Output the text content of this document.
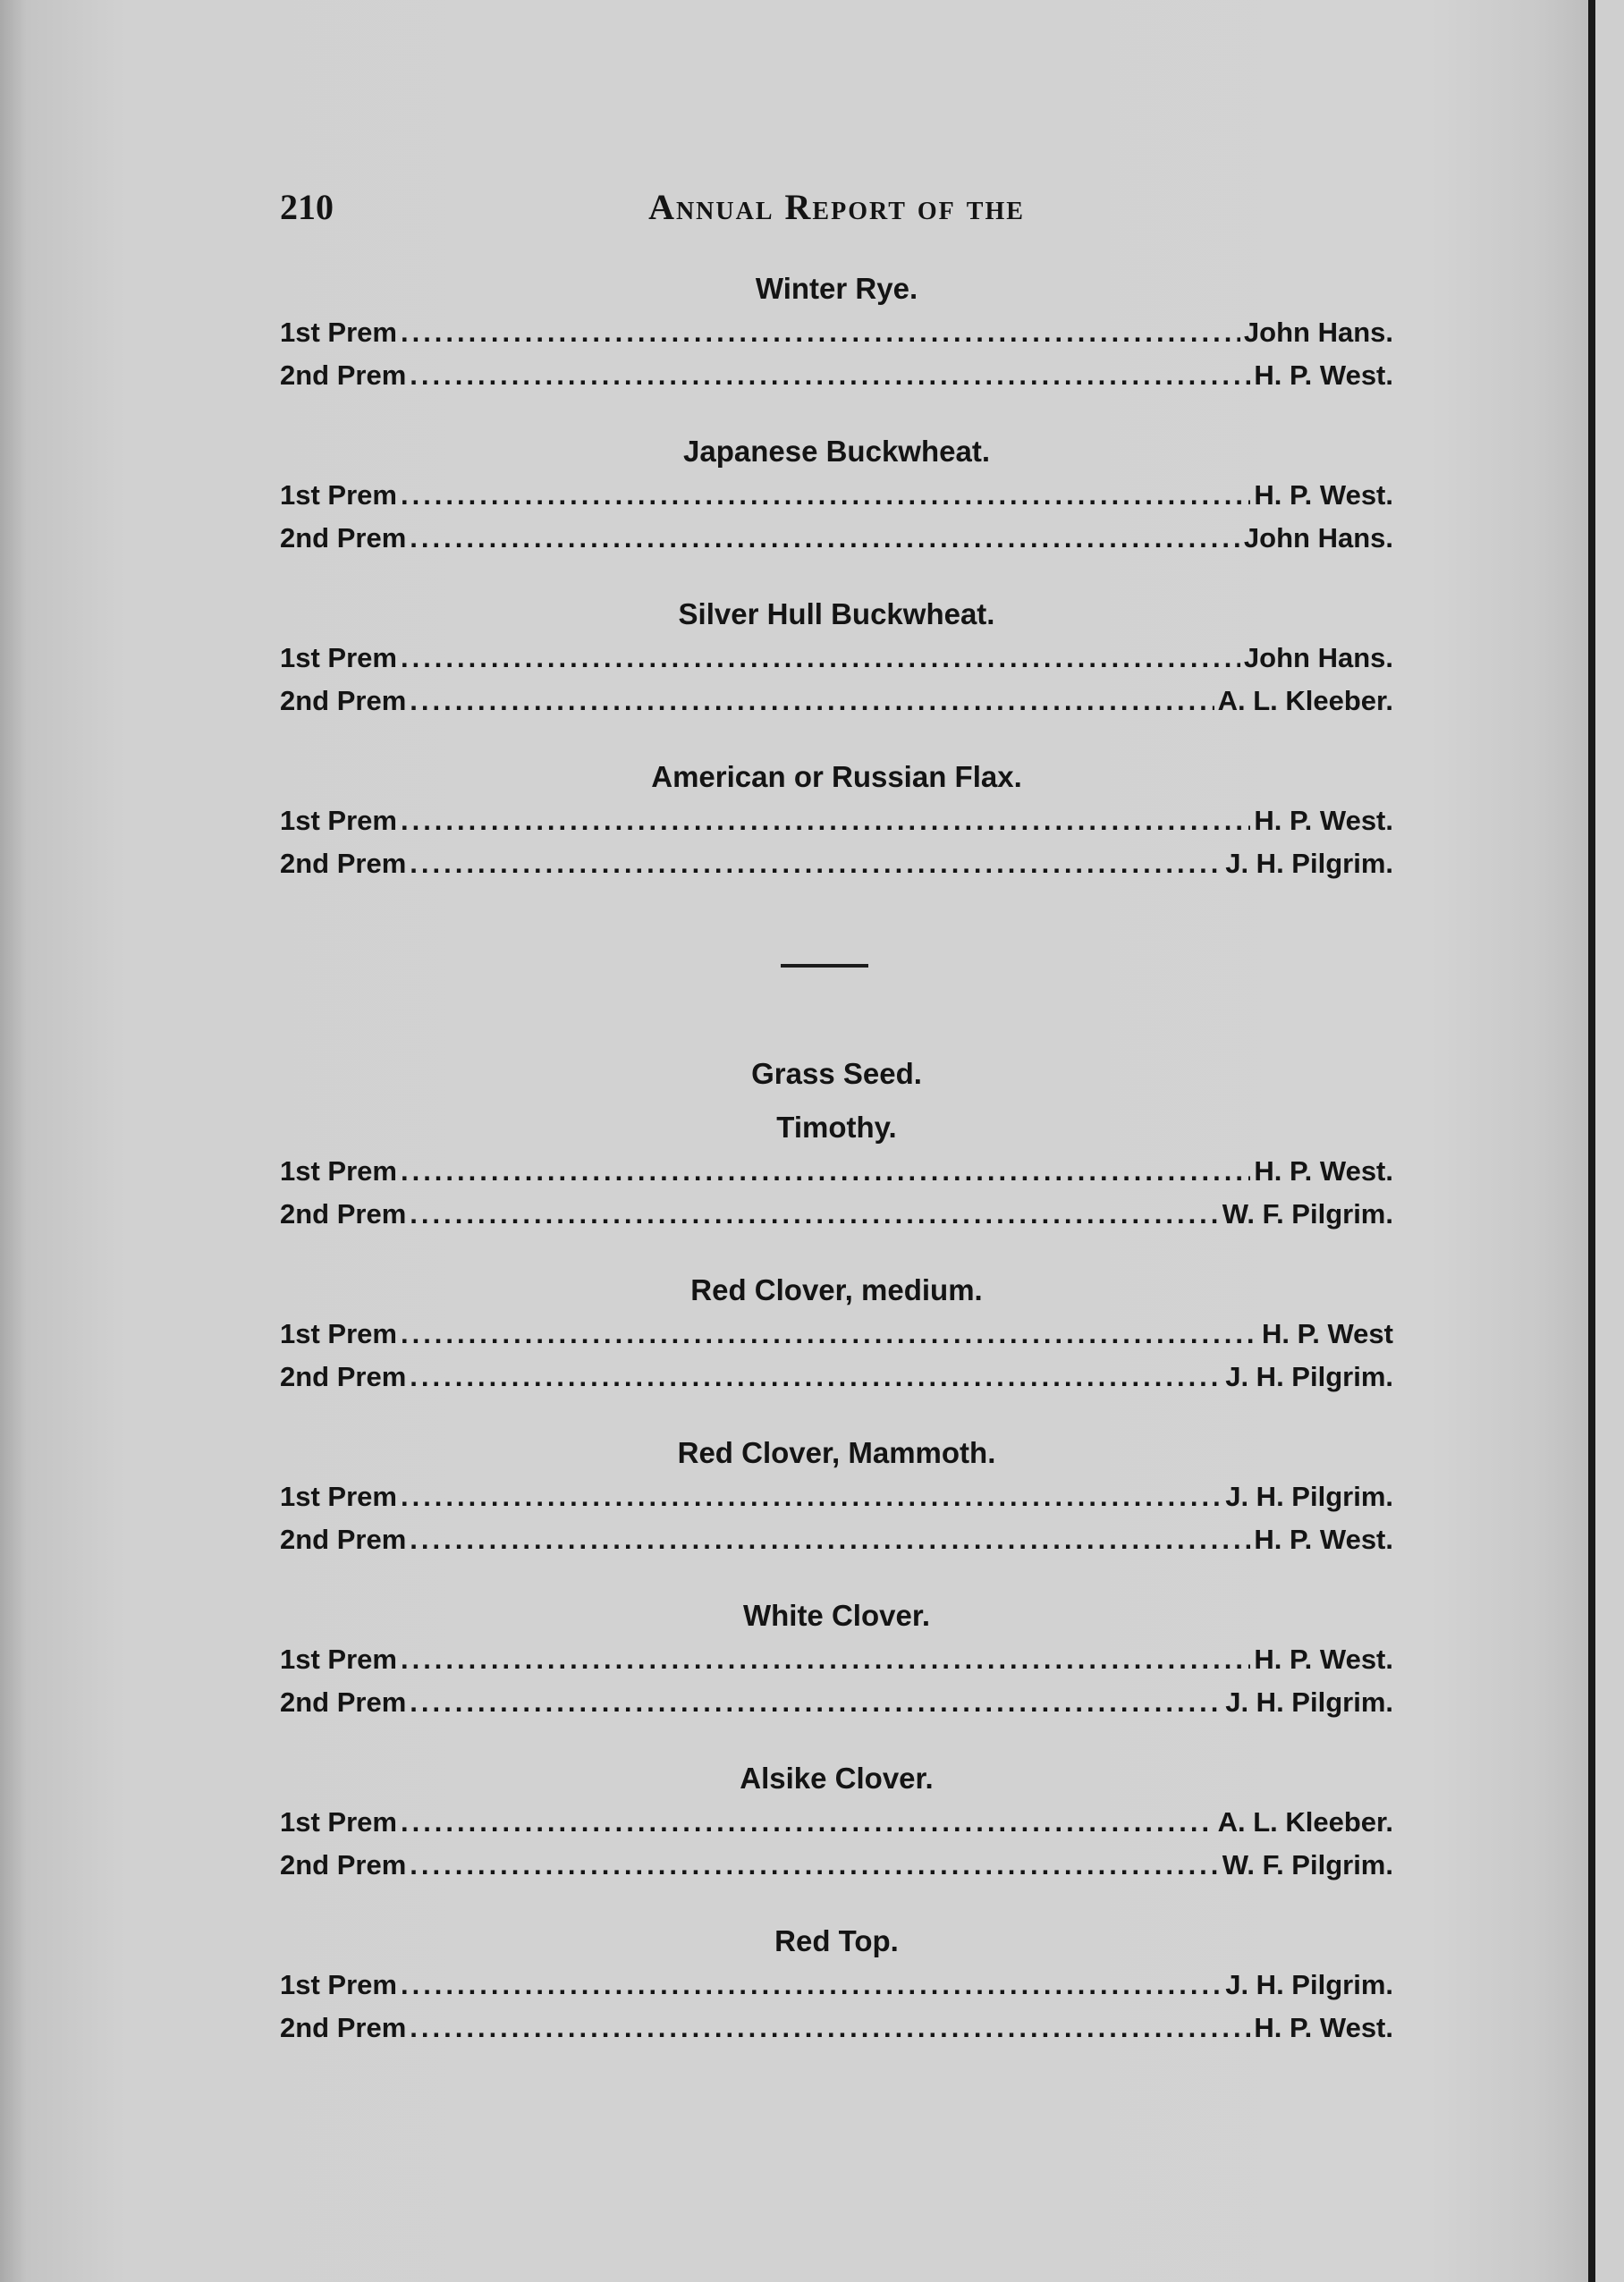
210	Annual Report of the
Winter Rye.
1st Prem .....	John Hans.
2nd Prem .....	H. P. West.
Japanese Buckwheat.
1st Prem .....	H. P. West.
2nd Prem .....	John Hans.
Silver Hull Buckwheat.
1st Prem .....	John Hans.
2nd Prem .....	A. L. Kleeber.
American or Russian Flax.
1st Prem .....	H. P. West.
2nd Prem .....	J. H. Pilgrim.
Grass Seed.
Timothy.
1st Prem .....	H. P. West.
2nd Prem .....	W. F. Pilgrim.
Red Clover, medium.
1st Prem .....	H. P. West
2nd Prem .....	J. H. Pilgrim.
Red Clover, Mammoth.
1st Prem .....	J. H. Pilgrim.
2nd Prem .....	H. P. West.
White Clover.
1st Prem .....	H. P. West.
2nd Prem .....	J. H. Pilgrim.
Alsike Clover.
1st Prem .....	A. L. Kleeber.
2nd Prem .....	W. F. Pilgrim.
Red Top.
1st Prem .....	J. H. Pilgrim.
2nd Prem .....	H. P. West.
